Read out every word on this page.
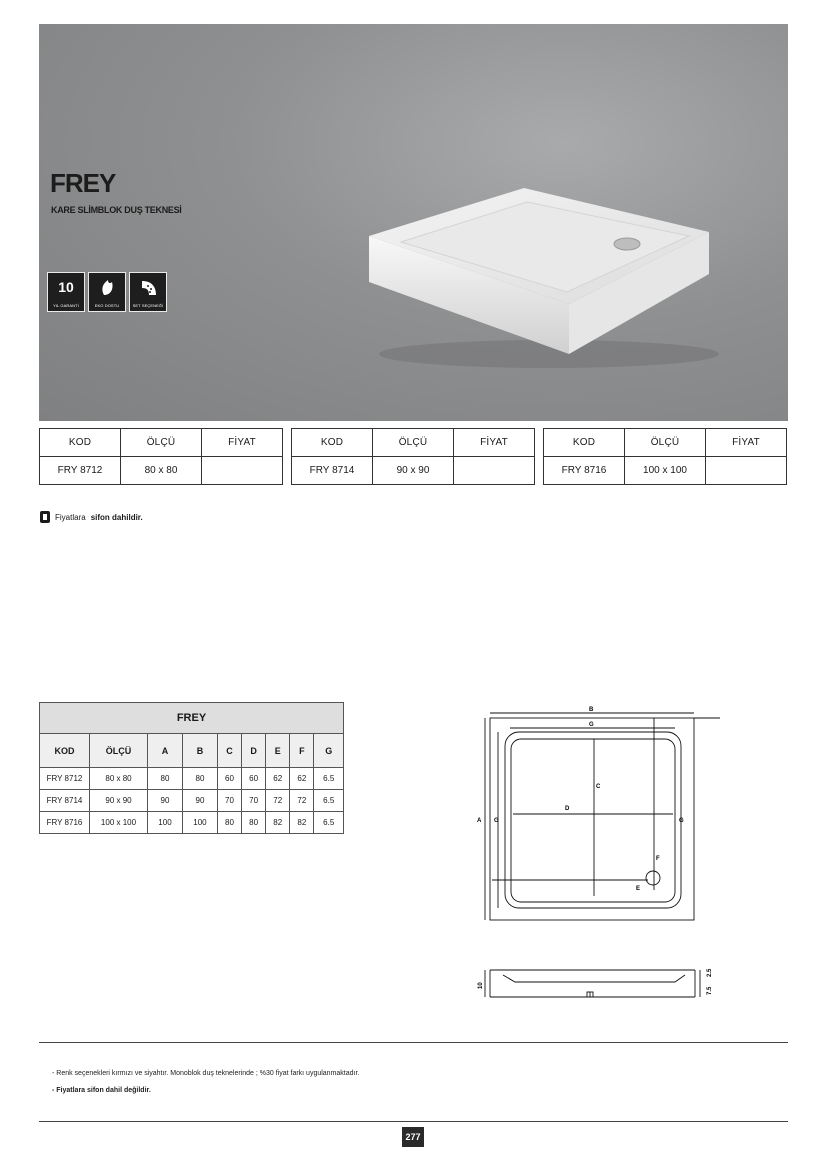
FREY
KARE SLİMBLOK DUŞ TEKNESİ
10
YIL GARANTİ	EKO DOSTU	SET SEÇENEĞİ
KOD	ÖLÇÜ	FİYAT
FRY 8712	80 x 80	
KOD	ÖLÇÜ	FİYAT
FRY 8714	90 x 90	
KOD	ÖLÇÜ	FİYAT
FRY 8716	100 x 100	
Fiyatlara sifon dahildir.
FREY								
KOD	ÖLÇÜ	A	B	C	D	E	F	G
FRY 8712	80 x 80	80	80	60	60	62	62	6.5
FRY 8714	90 x 90	90	90	70	70	72	72	6.5
FRY 8716	100 x 100	100	100	80	80	82	82	6.5
B
G
A G	G
C
D
E
F
10
2.5
7.5
- Renk seçenekleri kırmızı ve siyahtır. Monoblok duş teknelerinde ; %30 fiyat farkı uygulanmaktadır.
- Fiyatlara sifon dahil değildir.
277
